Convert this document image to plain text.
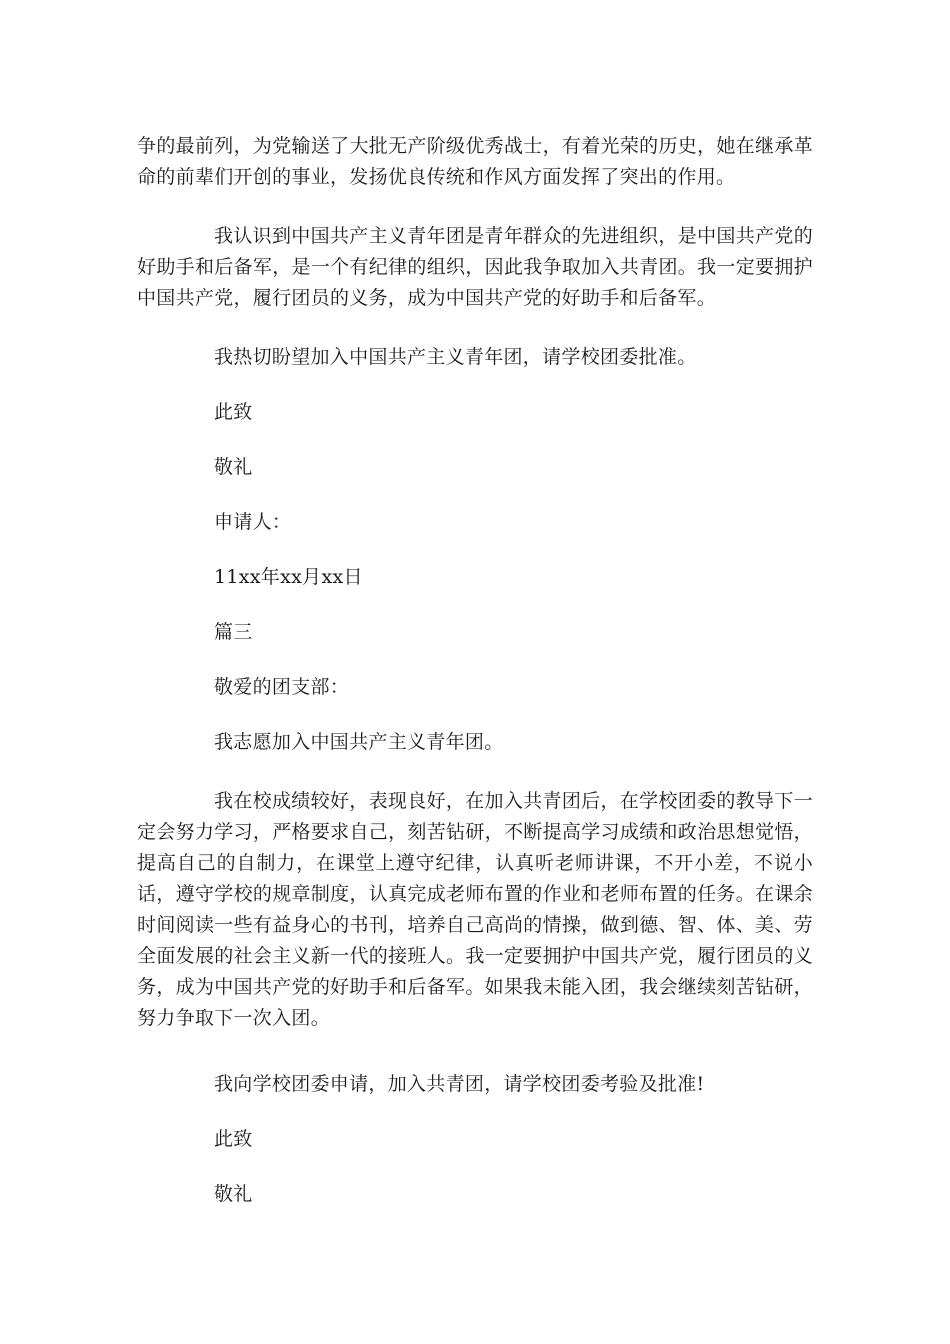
争的最前列，为党输送了大批无产阶级优秀战士，有着光荣的历史，她在继承革命的前辈们开创的事业，发扬优良传统和作风方面发挥了突出的作用。

我认识到中国共产主义青年团是青年群众的先进组织，是中国共产党的好助手和后备军，是一个有纪律的组织，因此我争取加入共青团。我一定要拥护中国共产党，履行团员的义务，成为中国共产党的好助手和后备军。

我热切盼望加入中国共产主义青年团，请学校团委批准。

此致

敬礼

申请人：

11xx年xx月xx日

篇三

敬爱的团支部：

我志愿加入中国共产主义青年团。

我在校成绩较好，表现良好，在加入共青团后，在学校团委的教导下一定会努力学习，严格要求自己，刻苦钻研，不断提高学习成绩和政治思想觉悟，提高自己的自制力，在课堂上遵守纪律，认真听老师讲课，不开小差，不说小话，遵守学校的规章制度，认真完成老师布置的作业和老师布置的任务。在课余时间阅读一些有益身心的书刊，培养自己高尚的情操，做到德、智、体、美、劳全面发展的社会主义新一代的接班人。我一定要拥护中国共产党，履行团员的义务，成为中国共产党的好助手和后备军。如果我未能入团，我会继续刻苦钻研，努力争取下一次入团。

我向学校团委申请，加入共青团，请学校团委考验及批准!

此致

敬礼
